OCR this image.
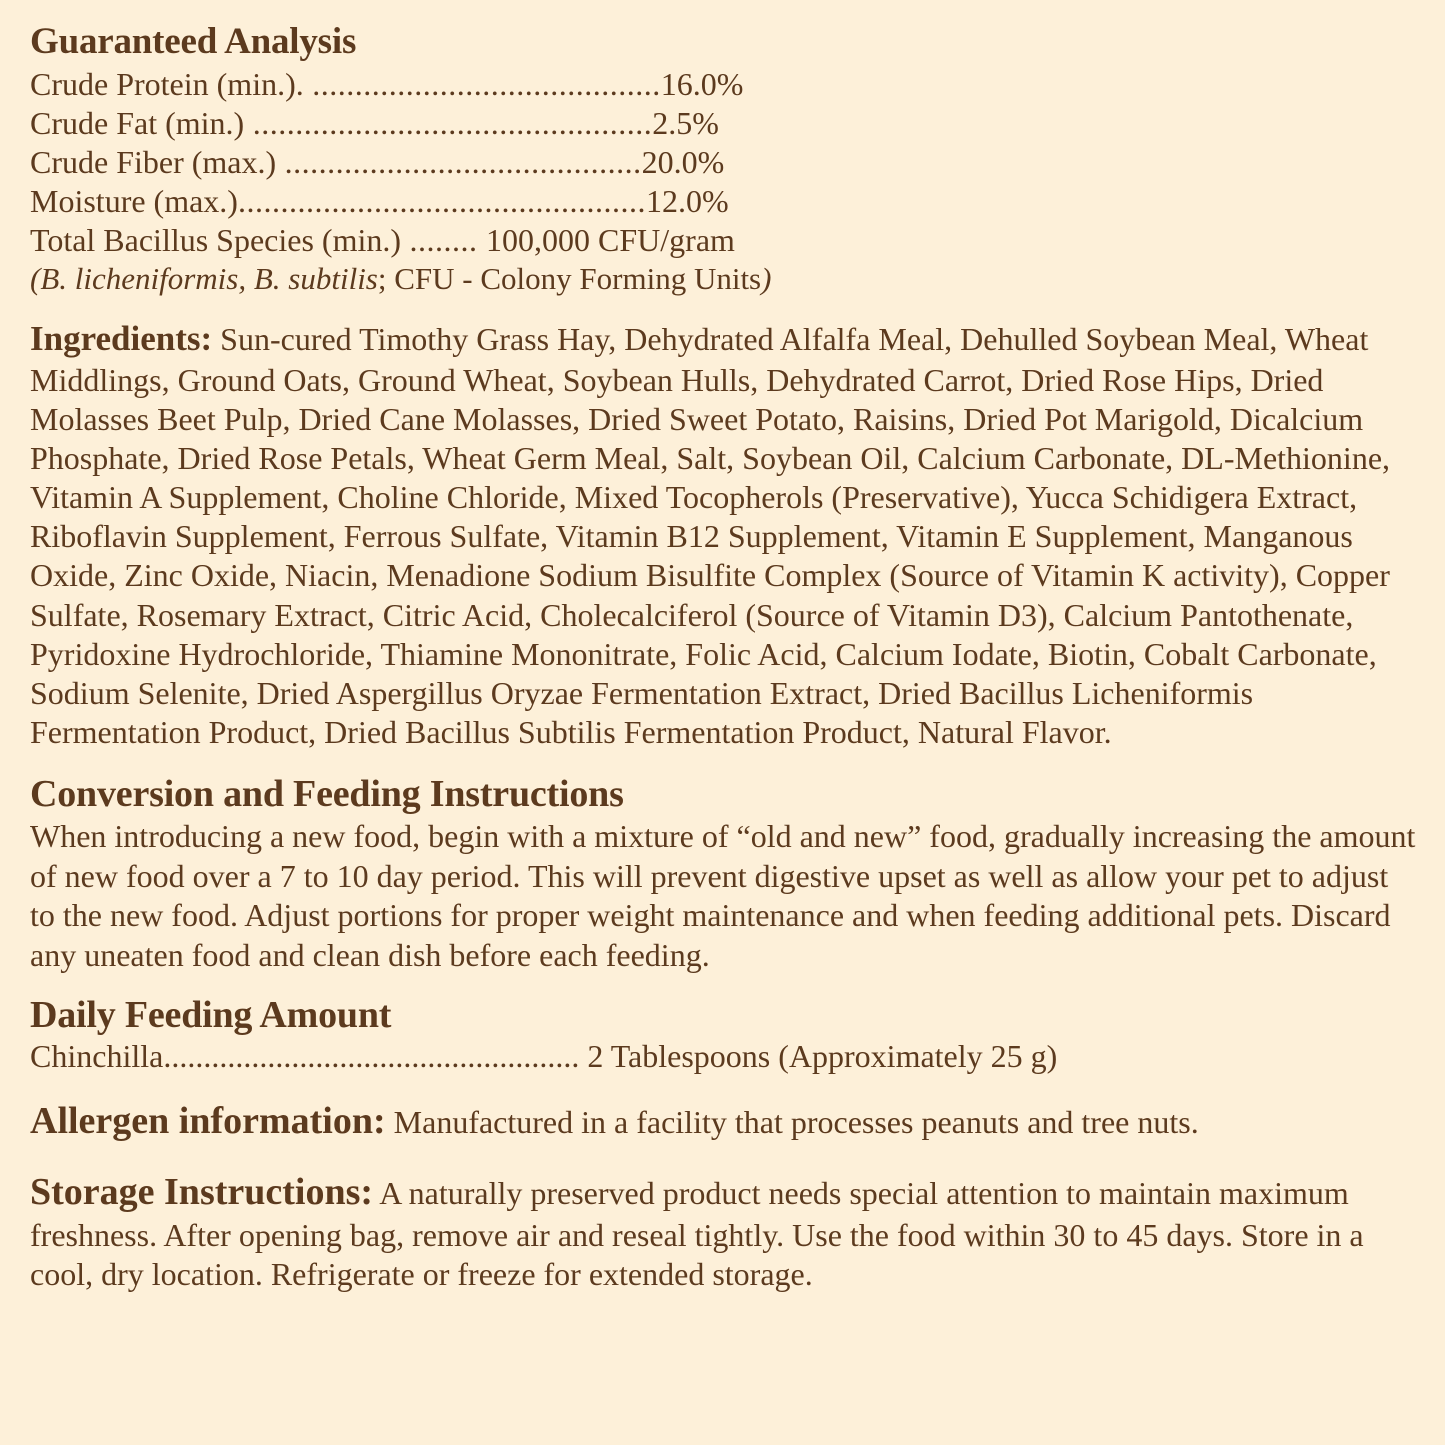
Guaranteed Analysis
Crude Protein (min.). .........................................16.0%
Crude Fat (min.) ...............................................2.5%
Crude Fiber (max.) ..........................................20.0%
Moisture (max.)................................................12.0%
Total Bacillus Species (min.) ........ 100,000 CFU/gram
(B. licheniformis, B. subtilis; CFU - Colony Forming Units)

Ingredients: Sun-cured Timothy Grass Hay, Dehydrated Alfalfa Meal, Dehulled Soybean Meal, Wheat Middlings, Ground Oats, Ground Wheat, Soybean Hulls, Dehydrated Carrot, Dried Rose Hips, Dried Molasses Beet Pulp, Dried Cane Molasses, Dried Sweet Potato, Raisins, Dried Pot Marigold, Dicalcium Phosphate, Dried Rose Petals, Wheat Germ Meal, Salt, Soybean Oil, Calcium Carbonate, DL-Methionine, Vitamin A Supplement, Choline Chloride, Mixed Tocopherols (Preservative), Yucca Schidigera Extract, Riboflavin Supplement, Ferrous Sulfate, Vitamin B12 Supplement, Vitamin E Supplement, Manganous Oxide, Zinc Oxide, Niacin, Menadione Sodium Bisulfite Complex (Source of Vitamin K activity), Copper Sulfate, Rosemary Extract, Citric Acid, Cholecalciferol (Source of Vitamin D3), Calcium Pantothenate, Pyridoxine Hydrochloride, Thiamine Mononitrate, Folic Acid, Calcium Iodate, Biotin, Cobalt Carbonate, Sodium Selenite, Dried Aspergillus Oryzae Fermentation Extract, Dried Bacillus Licheniformis Fermentation Product, Dried Bacillus Subtilis Fermentation Product, Natural Flavor.

Conversion and Feeding Instructions

When introducing a new food, begin with a mixture of “old and new” food, gradually increasing the amount of new food over a 7 to 10 day period. This will prevent digestive upset as well as allow your pet to adjust to the new food. Adjust portions for proper weight maintenance and when feeding additional pets. Discard any uneaten food and clean dish before each feeding.

Daily Feeding Amount
Chinchilla.................................................... 2 Tablespoons (Approximately 25 g)

Allergen information: Manufactured in a facility that processes peanuts and tree nuts.

Storage Instructions: A naturally preserved product needs special attention to maintain maximum freshness. After opening bag, remove air and reseal tightly. Use the food within 30 to 45 days. Store in a cool, dry location. Refrigerate or freeze for extended storage.
